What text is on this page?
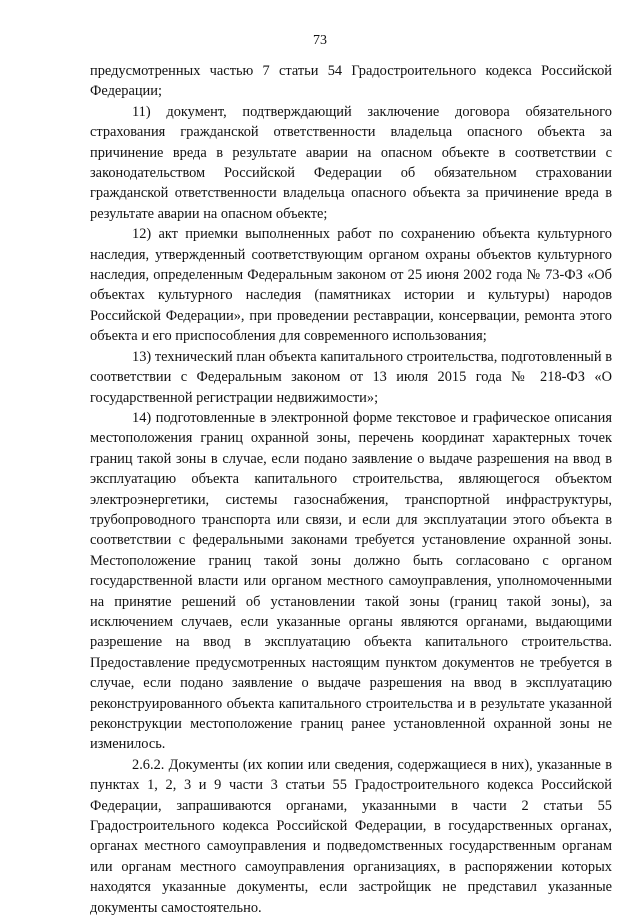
73

предусмотренных частью 7 статьи 54 Градостроительного кодекса Российской Федерации;

11) документ, подтверждающий заключение договора обязательного страхования гражданской ответственности владельца опасного объекта за причинение вреда в результате аварии на опасном объекте в соответствии с законодательством Российской Федерации об обязательном страховании гражданской ответственности владельца опасного объекта за причинение вреда в результате аварии на опасном объекте;

12) акт приемки выполненных работ по сохранению объекта культурного наследия, утвержденный соответствующим органом охраны объектов культурного наследия, определенным Федеральным законом от 25 июня 2002 года № 73-ФЗ «Об объектах культурного наследия (памятниках истории и культуры) народов Российской Федерации», при проведении реставрации, консервации, ремонта этого объекта и его приспособления для современного использования;

13) технический план объекта капитального строительства, подготовленный в соответствии с Федеральным законом от 13 июля 2015 года № 218-ФЗ «О государственной регистрации недвижимости»;

14) подготовленные в электронной форме текстовое и графическое описания местоположения границ охранной зоны, перечень координат характерных точек границ такой зоны в случае, если подано заявление о выдаче разрешения на ввод в эксплуатацию объекта капитального строительства, являющегося объектом электроэнергетики, системы газоснабжения, транспортной инфраструктуры, трубопроводного транспорта или связи, и если для эксплуатации этого объекта в соответствии с федеральными законами требуется установление охранной зоны. Местоположение границ такой зоны должно быть согласовано с органом государственной власти или органом местного самоуправления, уполномоченными на принятие решений об установлении такой зоны (границ такой зоны), за исключением случаев, если указанные органы являются органами, выдающими разрешение на ввод в эксплуатацию объекта капитального строительства. Предоставление предусмотренных настоящим пунктом документов не требуется в случае, если подано заявление о выдаче разрешения на ввод в эксплуатацию реконструированного объекта капитального строительства и в результате указанной реконструкции местоположение границ ранее установленной охранной зоны не изменилось.

2.6.2. Документы (их копии или сведения, содержащиеся в них), указанные в пунктах 1, 2, 3 и 9 части 3 статьи 55 Градостроительного кодекса Российской Федерации, запрашиваются органами, указанными в части 2 статьи 55 Градостроительного кодекса Российской Федерации, в государственных органах, органах местного самоуправления и подведомственных государственным органам или органам местного самоуправления организациях, в распоряжении которых находятся указанные документы, если застройщик не представил указанные документы самостоятельно.
